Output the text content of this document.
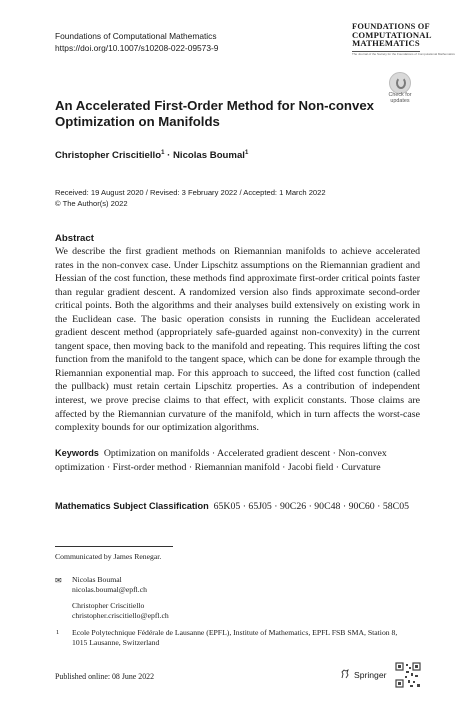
Foundations of Computational Mathematics
https://doi.org/10.1007/s10208-022-09573-9
FOUNDATIONS OF
COMPUTATIONAL
MATHEMATICS
The Journal of the Society for the Foundations of Computational Mathematics
Check for
updates
An Accelerated First-Order Method for Non-convex Optimization on Manifolds
Christopher Criscitiello$^1$ · Nicolas Boumal$^1$
Received: 19 August 2020 / Revised: 3 February 2022 / Accepted: 1 March 2022
© The Author(s) 2022
Abstract
We describe the first gradient methods on Riemannian manifolds to achieve accelerated rates in the non-convex case. Under Lipschitz assumptions on the Riemannian gradient and Hessian of the cost function, these methods find approximate first-order critical points faster than regular gradient descent. A randomized version also finds approximate second-order critical points. Both the algorithms and their analyses build extensively on existing work in the Euclidean case. The basic operation consists in running the Euclidean accelerated gradient descent method (appropriately safe-guarded against non-convexity) in the current tangent space, then moving back to the manifold and repeating. This requires lifting the cost function from the manifold to the tangent space, which can be done for example through the Riemannian exponential map. For this approach to succeed, the lifted cost function (called the pullback) must retain certain Lipschitz properties. As a contribution of independent interest, we prove precise claims to that effect, with explicit constants. Those claims are affected by the Riemannian curvature of the manifold, which in turn affects the worst-case complexity bounds for our optimization algorithms.
Keywords Optimization on manifolds · Accelerated gradient descent · Non-convex optimization · First-order method · Riemannian manifold · Jacobi field · Curvature
Mathematics Subject Classification 65K05 · 65J05 · 90C26 · 90C48 · 90C60 · 58C05
Communicated by James Renegar.
✉ Nicolas Boumal
nicolas.boumal@epfl.ch
Christopher Criscitiello
christopher.criscitiello@epfl.ch
1 Ecole Polytechnique Fédérale de Lausanne (EPFL), Institute of Mathematics, EPFL FSB SMA, Station 8, 1015 Lausanne, Switzerland
Published online: 08 June 2022	Springer
